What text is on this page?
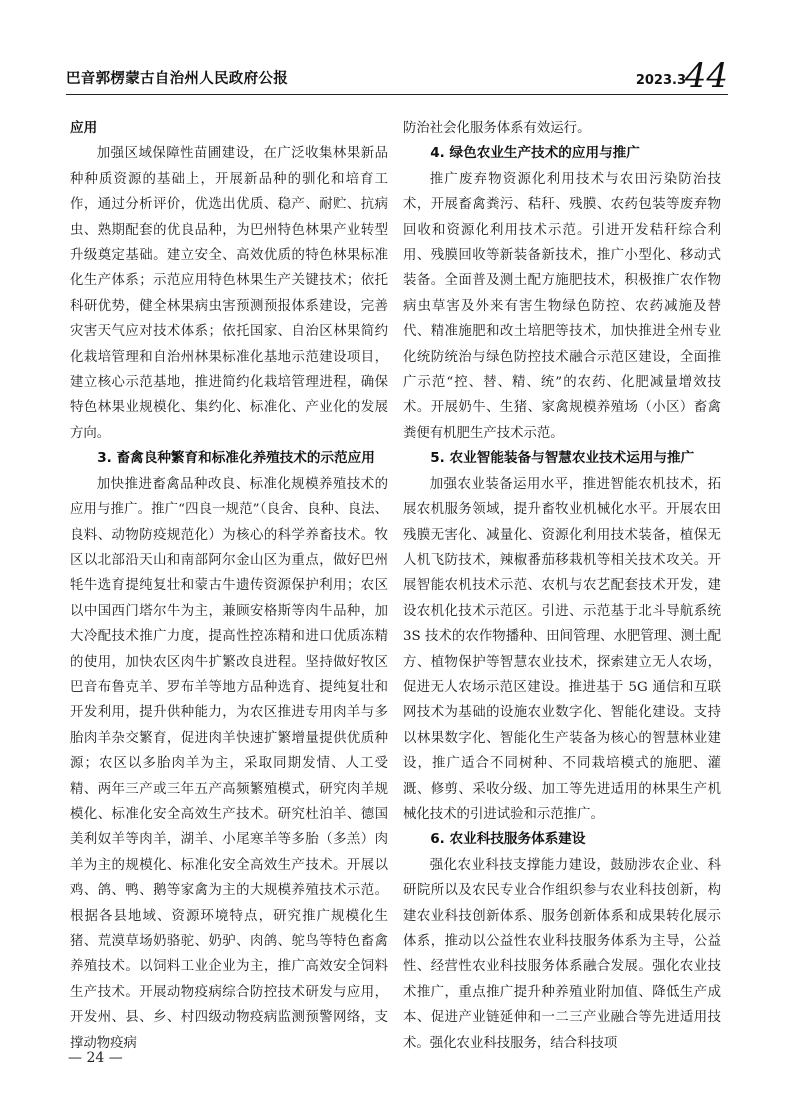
巴音郭楞蒙古自治州人民政府公报	2023.3
44
应用

加强区域保障性苗圃建设，在广泛收集林果新品种种质资源的基础上，开展新品种的驯化和培育工作，通过分析评价，优选出优质、稳产、耐贮、抗病虫、熟期配套的优良品种，为巴州特色林果产业转型升级奠定基础。建立安全、高效优质的特色林果标准化生产体系；示范应用特色林果生产关键技术；依托科研优势，健全林果病虫害预测预报体系建设，完善灾害天气应对技术体系；依托国家、自治区林果简约化栽培管理和自治州林果标准化基地示范建设项目，建立核心示范基地，推进简约化栽培管理进程，确保特色林果业规模化、集约化、标准化、产业化的发展方向。

3. 畜禽良种繁育和标准化养殖技术的示范应用

加快推进畜禽品种改良、标准化规模养殖技术的应用与推广。推广“四良一规范”（良舍、良种、良法、良料、动物防疫规范化）为核心的科学养畜技术。牧区以北部沿天山和南部阿尔金山区为重点，做好巴州牦牛选育提纯复壮和蒙古牛遗传资源保护利用；农区以中国西门塔尔牛为主，兼顾安格斯等肉牛品种，加大冷配技术推广力度，提高性控冻精和进口优质冻精的使用，加快农区肉牛扩繁改良进程。坚持做好牧区巴音布鲁克羊、罗布羊等地方品种选育、提纯复壮和开发利用，提升供种能力，为农区推进专用肉羊与多胎肉羊杂交繁育，促进肉羊快速扩繁增量提供优质种源；农区以多胎肉羊为主，采取同期发情、人工受精、两年三产或三年五产高频繁殖模式，研究肉羊规模化、标准化安全高效生产技术。研究杜泊羊、德国美利奴羊等肉羊，湖羊、小尾寒羊等多胎（多羔）肉羊为主的规模化、标准化安全高效生产技术。开展以鸡、鸽、鸭、鹅等家禽为主的大规模养殖技术示范。根据各县地域、资源环境特点，研究推广规模化生猪、荒漠草场奶骆驼、奶驴、肉鸽、鸵鸟等特色畜禽养殖技术。以饲料工业企业为主，推广高效安全饲料生产技术。开展动物疫病综合防控技术研发与应用，开发州、县、乡、村四级动物疫病监测预警网络，支撑动物疫病

防治社会化服务体系有效运行。

4. 绿色农业生产技术的应用与推广

推广废弃物资源化利用技术与农田污染防治技术，开展畜禽粪污、秸秆、残膜、农药包装等废弃物回收和资源化利用技术示范。引进开发秸秆综合利用、残膜回收等新装备新技术，推广小型化、移动式装备。全面普及测土配方施肥技术，积极推广农作物病虫草害及外来有害生物绿色防控、农药减施及替代、精准施肥和改土培肥等技术，加快推进全州专业化统防统治与绿色防控技术融合示范区建设，全面推广示范“控、替、精、统”的农药、化肥减量增效技术。开展奶牛、生猪、家禽规模养殖场（小区）畜禽粪便有机肥生产技术示范。

5. 农业智能装备与智慧农业技术运用与推广

加强农业装备运用水平，推进智能农机技术，拓展农机服务领域，提升畜牧业机械化水平。开展农田残膜无害化、减量化、资源化利用技术装备，植保无人机飞防技术，辣椒番茄移栽机等相关技术攻关。开展智能农机技术示范、农机与农艺配套技术开发，建设农机化技术示范区。引进、示范基于北斗导航系统 3S 技术的农作物播种、田间管理、水肥管理、测土配方、植物保护等智慧农业技术，探索建立无人农场，促进无人农场示范区建设。推进基于 5G 通信和互联网技术为基础的设施农业数字化、智能化建设。支持以林果数字化、智能化生产装备为核心的智慧林业建设，推广适合不同树种、不同栽培模式的施肥、灌溉、修剪、采收分级、加工等先进适用的林果生产机械化技术的引进试验和示范推广。

6. 农业科技服务体系建设

强化农业科技支撑能力建设，鼓励涉农企业、科研院所以及农民专业合作组织参与农业科技创新，构建农业科技创新体系、服务创新体系和成果转化展示体系，推动以公益性农业科技服务体系为主导，公益性、经营性农业科技服务体系融合发展。强化农业技术推广，重点推广提升种养殖业附加值、降低生产成本、促进产业链延伸和一二三产业融合等先进适用技术。强化农业科技服务，结合科技项

— 24 —
